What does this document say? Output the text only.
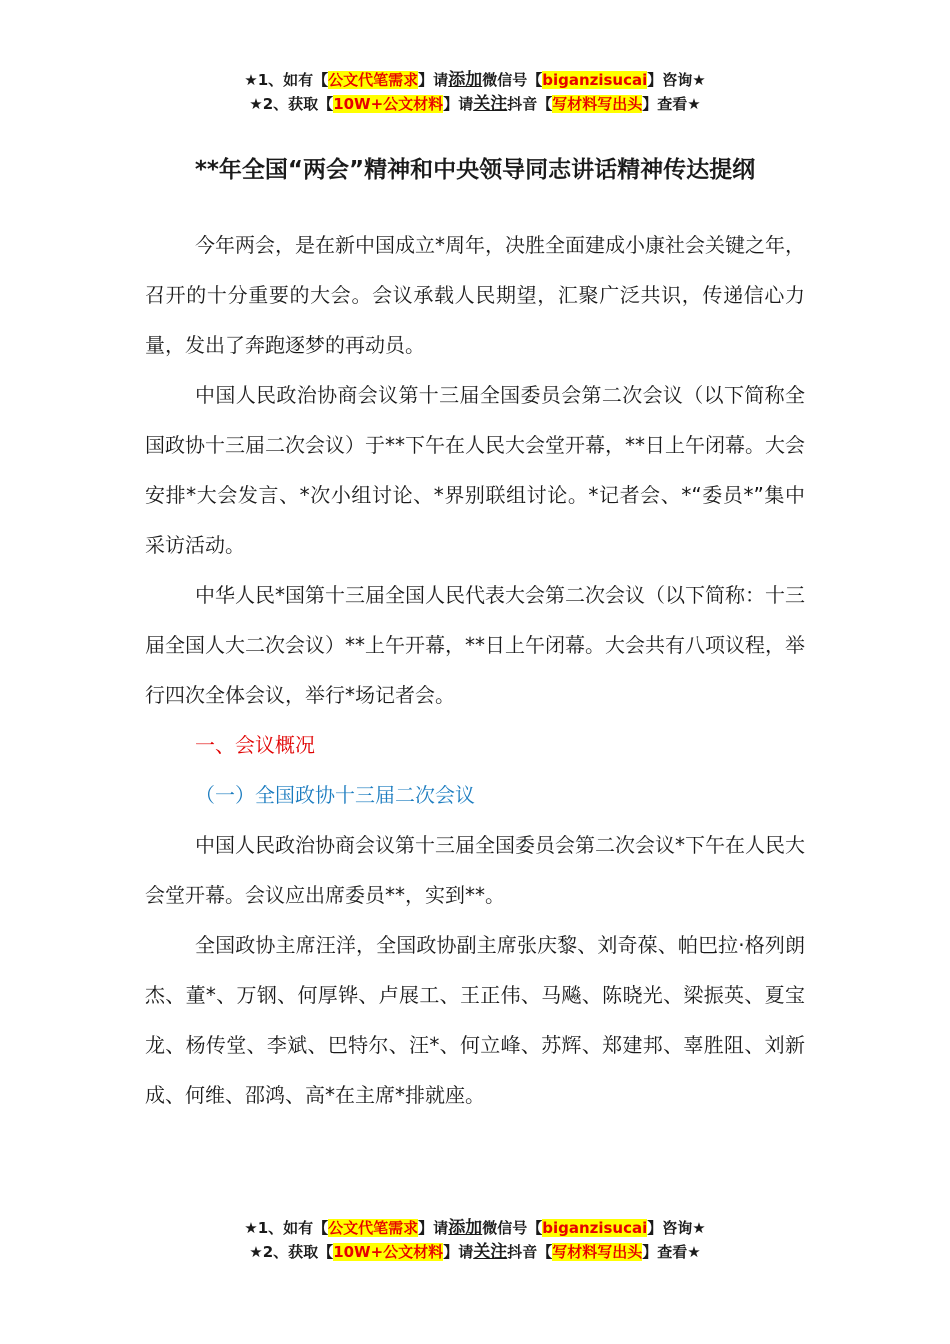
★1、如有【公文代笔需求】请添加微信号【biganzisucai】咨询★
★2、获取【10W+公文材料】请关注抖音【写材料写出头】查看★
**年全国“两会”精神和中央领导同志讲话精神传达提纲

今年两会，是在新中国成立*周年，决胜全面建成小康社会关键之年，召开的十分重要的大会。会议承载人民期望，汇聚广泛共识，传递信心力量，发出了奔跑逐梦的再动员。

中国人民政治协商会议第十三届全国委员会第二次会议（以下简称全国政协十三届二次会议）于**下午在人民大会堂开幕，**日上午闭幕。大会安排*大会发言、*次小组讨论、*界别联组讨论。*记者会、*“委员*”集中采访活动。

中华人民*国第十三届全国人民代表大会第二次会议（以下简称：十三届全国人大二次会议）**上午开幕，**日上午闭幕。大会共有八项议程，举行四次全体会议，举行*场记者会。

一、会议概况

（一）全国政协十三届二次会议

中国人民政治协商会议第十三届全国委员会第二次会议*下午在人民大会堂开幕。会议应出席委员**，实到**。

全国政协主席汪洋，全国政协副主席张庆黎、刘奇葆、帕巴拉·格列朗杰、董*、万钢、何厚铧、卢展工、王正伟、马飚、陈晓光、梁振英、夏宝龙、杨传堂、李斌、巴特尔、汪*、何立峰、苏辉、郑建邦、辜胜阻、刘新成、何维、邵鸿、高*在主席*排就座。

★1、如有【公文代笔需求】请添加微信号【biganzisucai】咨询★
★2、获取【10W+公文材料】请关注抖音【写材料写出头】查看★
